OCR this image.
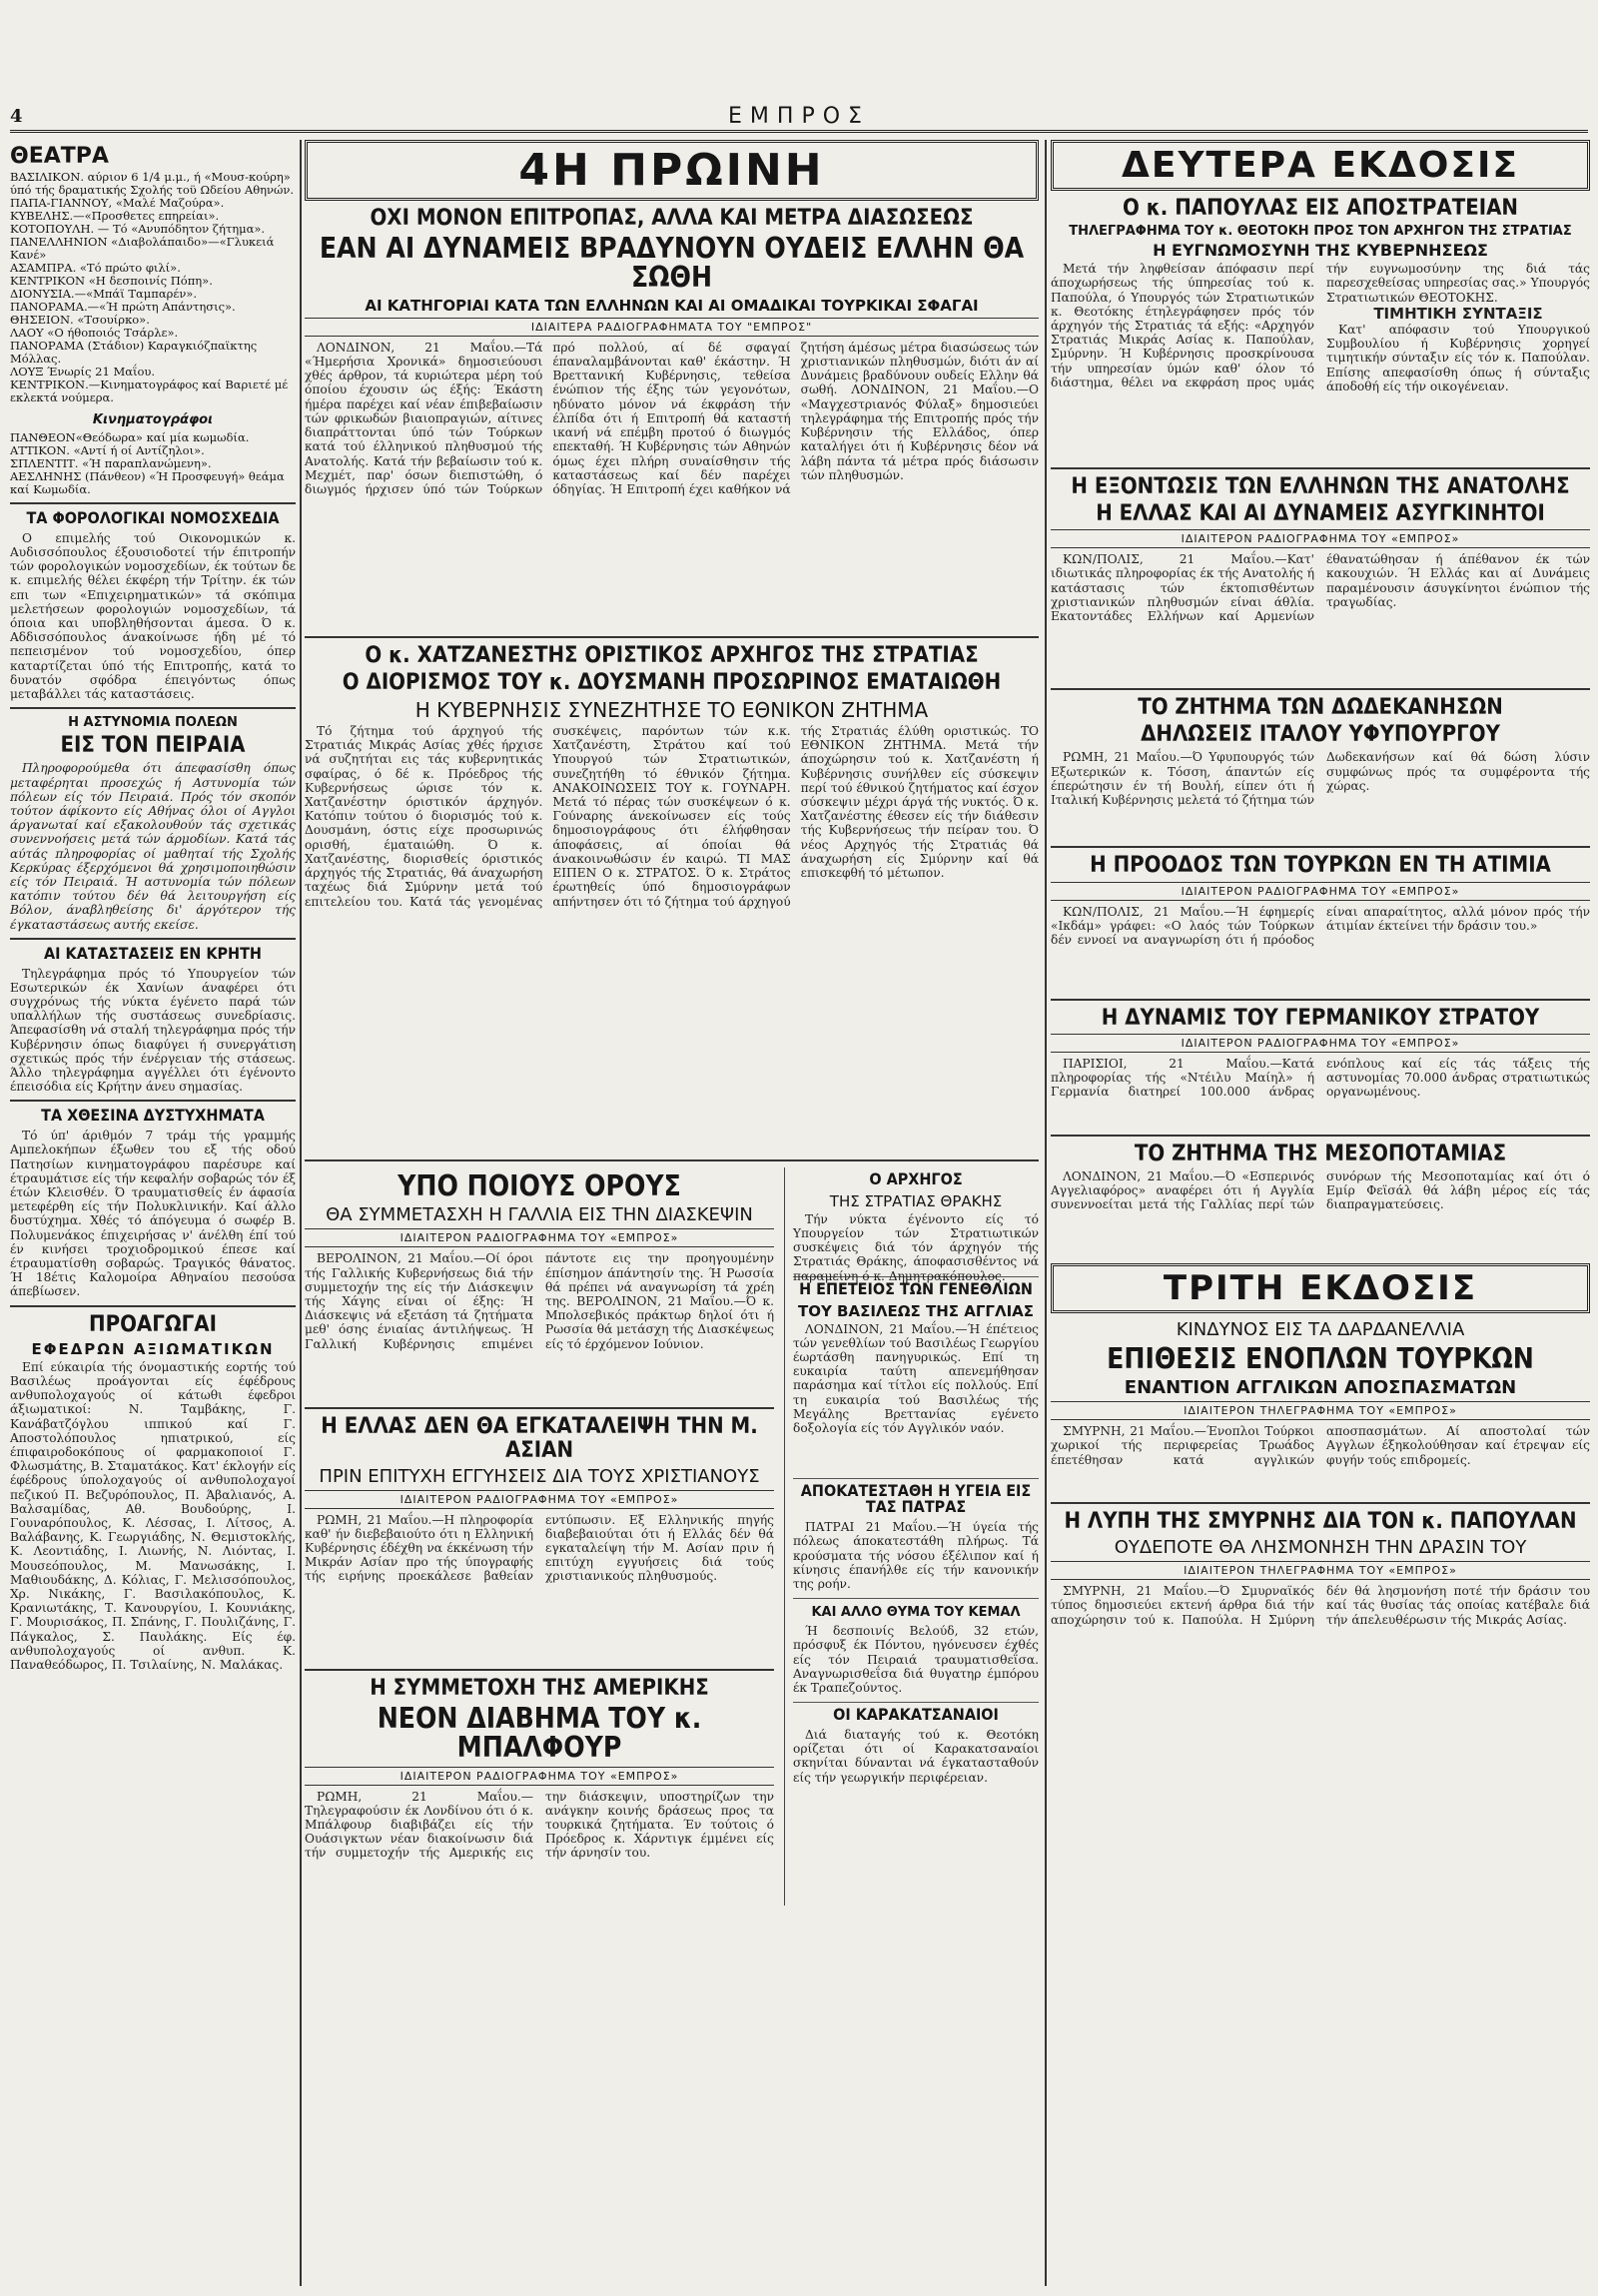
4	ΕΜΠΡΟΣ
ΘΕΑΤΡΑ
ΒΑΣΙΛΙΚΟΝ. αύριον 6 1/4 μ.μ., ή «Μουσ-κούρη» ύπό τής δραματικής Σχολής τοϋ Ωδείου Αθηνών.
ΠΑΠΑ-ΓΙΑΝΝΟΥ, «Μαλέ Μαζούρα».
ΚΥΒΕΛΗΣ.—«Προσθετες επηρείαι».
ΚΟΤΟΠΟΥΛΗ. — Τό «Ανυπόδητον ζήτημα».
ΠΑΝΕΛΛΗΝΙΟΝ «Διαβολάπαιδο»—«Γλυκειά Κανέ»
ΑΣΑΜΠΡΑ. «Τό πρώτο φιλί».
ΚΕΝΤΡΙΚΟΝ «Η δεσποινίς Πόπη».
ΔΙΟΝΥΣΙΑ.—«Μπάϊ Ταμπαρέν».
ΠΑΝΟΡΑΜΑ.—«Ή πρώτη Απάντησις».
ΘΗΣΕΙΟΝ. «Τσουίρκο».
ΛΑΟΥ «Ο ήθοποιός Τσάρλε».
ΠΑΝΟΡΑΜΑ (Στάδιον) Καραγκιόζπαϊκτης Μόλλας.
ΛΟΥΞ Ένωρίς 21 Μαΐου.
ΚΕΝΤΡΙΚΟΝ.—Κινηματογράφος καί Βαριετέ μέ εκλεκτά νούμερα.
Κινηματογράφοι
ΠΑΝΘΕΟΝ«Θεόδωρα» καί μία κωμωδία.
ΑΤΤΙΚΟΝ. «Αντί ή οί Αντίζηλοι».
ΣΠΛΕΝΤΙΤ. «Ή παραπλανώμενη».
ΑΕΣΛΗΝΗΣ (Πάνθεον) «Ή Προσφευγή» θεάμα καί Κωμωδία.
ΤΑ ΦΟΡΟΛΟΓΙΚΑΙ ΝΟΜΟΣΧΕΔΙΑ

Ο επιμελής τού Οικονομικών κ. Αυδισσόπουλος έξουσιοδοτεί τήν έπιτροπήν τών φορολογικών νομοσχεδίων, έκ τούτων δε κ. επιμελής θέλει έκφέρη τήν Τρίτην. έκ τών επι των «Επιχειρηματικών» τά σκόπιμα μελετήσεων φορολογιών νομοσχεδίων, τά όποια και υποβληθήσονται άμεσα. Ό κ. Αδδισσόπουλος άνακοίνωσε ήδη μέ τό πεπεισμένον τού νομοσχεδίου, όπερ καταρτίζεται ύπό τής Επιτροπής, κατά το δυνατόν σφόδρα έπειγόντως όπως μεταβάλλει τάς καταστάσεις.

Η ΑΣΤΥΝΟΜΙΑ ΠΟΛΕΩΝ
ΕΙΣ ΤΟΝ ΠΕΙΡΑΙΑ

Πληροφορούμεθα ότι άπεφασίσθη όπως μεταφέρηται προσεχώς ή Αστυνομία τών πόλεων είς τόν Πειραιά. Πρός τόν σκοπόν τούτον άφίκοντο είς Αθήνας όλοι οί Αγγλοι άργανωταί καί εξακολουθούν τάς σχετικάς συνεννοήσεις μετά τών άρμοδίων. Κατά τάς αύτάς πληροφορίας οί μαθηταί τής Σχολής Κερκύρας έξερχόμενοι θά χρησιμοποιηθώσιν είς τόν Πειραιά. Ή αστυνομία τών πόλεων κατόπιν τούτου δέν θά λειτουργήση είς Βόλον, άναβληθείσης δι' άργότερον τής έγκαταστάσεως αυτής εκείσε.

ΑΙ ΚΑΤΑΣΤΑΣΕΙΣ ΕΝ ΚΡΗΤΗ

Τηλεγράφημα πρός τό Υπουργείον τών Εσωτερικών έκ Χανίων άναφέρει ότι συγχρόνως τής νύκτα έγένετο παρά τών υπαλλήλων τής συστάσεως συνεδρίασις. Άπεφασίσθη νά σταλή τηλεγράφημα πρός τήν Κυβέρνησιν όπως διαφύγει ή συνεργάτιση σχετικώς πρός τήν ένέργειαν τής στάσεως. Άλλο τηλεγράφημα αγγέλλει ότι έγένοντο έπεισόδια είς Κρήτην άνευ σημασίας.

ΤΑ ΧΘΕΣΙΝΑ ΔΥΣΤΥΧΗΜΑΤΑ

Τό ύπ' άριθμόν 7 τράμ τής γραμμής Αμπελοκήπων έξωθεν του εξ τής οδού Πατησίων κινηματογράφου παρέσυρε καί έτραυμάτισε είς τήν κεφαλήν σοβαρώς τόν έξ έτών Κλεισθέν. Ό τραυματισθείς έν άφασία μετεφέρθη είς τήν Πολυκλινικήν. Καί άλλο δυστύχημα. Χθές τό άπόγευμα ό σωφέρ Β. Πολυμενάκος έπιχειρήσας ν' άνέλθη έπί τού έν κινήσει τροχιοδρομικού έπεσε καί έτραυματίσθη σοβαρώς. Τραγικός θάνατος. Ή 18έτις Καλομοίρα Αθηναίου πεσούσα άπεβίωσεν.

ΠΡΟΑΓΩΓΑΙ
ΕΦΕΔΡΩΝ ΑΞΙΩΜΑΤΙΚΩΝ

Επί εύκαιρία τής όνομαστικής εορτής τού Βασιλέως προάγονται είς έφέδρους ανθυπολοχαγούς οί κάτωθι έφεδροι άξιωματικοί: Ν. Ταμβάκης, Γ. Κανάβατζόγλου ιππικού καί Γ. Αποστολόπουλος ηπιατρικού, είς έπιφαιροδοκόπους οί φαρμακοποιοί Γ. Φλωσμάτης, Β. Σταματάκος. Κατ' έκλογήν είς έφέδρους ύπολοχαγούς οί ανθυπολοχαγοί πεζικού Π. Βεζυρόπουλος, Π. Άβαλιανός, Α. Βαλσαμίδας, Αθ. Βουδούρης, Ι. Γουναρόπουλος, Κ. Λέσσας, Ι. Λίτσος, Α. Βαλάβανης, Κ. Γεωργιάδης, Ν. Θεμιστοκλής, Κ. Λεοντιάδης, Ι. Λιωνής, Ν. Λιόντας, Ι. Μουσεόπουλος, Μ. Μανωσάκης, Ι. Μαθιουδάκης, Δ. Κόλιας, Γ. Μελισσόπουλος, Χρ. Νικάκης, Γ. Βασιλακόπουλος, Κ. Κρανιωτάκης, Τ. Κανουργίου, Ι. Κουνιάκης, Γ. Μουρισάκος, Π. Σπάνης, Γ. Πουλιζάνης, Γ. Πάγκαλος, Σ. Παυλάκης. Είς έφ. ανθυπολοχαγούς οί ανθυπ. Κ. Παναθεόδωρος, Π. Τσιλαίνης, Ν. Μαλάκας.

4Η ΠΡΩΙΝΗ
ΟΧΙ ΜΟΝΟΝ ΕΠΙΤΡΟΠΑΣ, ΑΛΛΑ ΚΑΙ ΜΕΤΡΑ ΔΙΑΣΩΣΕΩΣ
ΕΑΝ ΑΙ ΔΥΝΑΜΕΙΣ ΒΡΑΔΥΝΟΥΝ ΟΥΔΕΙΣ ΕΛΛΗΝ ΘΑ ΣΩΘΗ
ΑΙ ΚΑΤΗΓΟΡΙΑΙ ΚΑΤΑ ΤΩΝ ΕΛΛΗΝΩΝ ΚΑΙ ΑΙ ΟΜΑΔΙΚΑΙ ΤΟΥΡΚΙΚΑΙ ΣΦΑΓΑΙ
ΙΔΙΑΙΤΕΡΑ ΡΑΔΙΟΓΡΑΦΗΜΑΤΑ ΤΟΥ "ΕΜΠΡΟΣ"

ΛΟΝΔΙΝΟΝ, 21 Μαΐου.—Τά «Ήμερήσια Χρονικά» δημοσιεύουσι χθές άρθρον, τά κυριώτερα μέρη τού όποίου έχουσιν ώς έξής: Έκάστη ήμέρα παρέχει καί νέαν έπιβεβαίωσιν τών φρικωδών βιαιοπραγιών, αίτινες διαπράττονται ύπό τών Τούρκων κατά τού έλληνικού πληθυσμού τής Ανατολής. Κατά τήν βεβαίωσιν τού κ. Μεχμέτ, παρ' όσων διεπιστώθη, ό διωγμός ήρχισεν ύπό τών Τούρκων πρό πολλού, αί δέ σφαγαί έπαναλαμβάνονται καθ' έκάστην. Ή Βρεττανική Κυβέρνησις, τεθείσα ένώπιον τής έξης τών γεγονότων, ηδύνατο μόνον νά έκφράση τήν έλπίδα ότι ή Επιτροπή θά καταστή ικανή νά επέμβη προτού ό διωγμός επεκταθή. Ή Κυβέρνησις τών Αθηνών όμως έχει πλήρη συναίσθησιν τής καταστάσεως καί δέν παρέχει όδηγίας. Ή Επιτροπή έχει καθήκον νά ζητήση άμέσως μέτρα διασώσεως τών χριστιανικών πληθυσμών, διότι άν αί Δυνάμεις βραδύνουν ουδείς Ελλην θά σωθή. ΛΟΝΔΙΝΟΝ, 21 Μαΐου.—Ο «Μαγχεστριανός Φύλαξ» δημοσιεύει τηλεγράφημα τής Επιτροπής πρός τήν Κυβέρνησιν τής Ελλάδος, όπερ καταλήγει ότι ή Κυβέρνησις δέον νά λάβη πάντα τά μέτρα πρός διάσωσιν τών πληθυσμών.

Ο κ. ΧΑΤΖΑΝΕΣΤΗΣ ΟΡΙΣΤΙΚΟΣ ΑΡΧΗΓΟΣ ΤΗΣ ΣΤΡΑΤΙΑΣ
Ο ΔΙΟΡΙΣΜΟΣ ΤΟΥ κ. ΔΟΥΣΜΑΝΗ ΠΡΟΣΩΡΙΝΟΣ ΕΜΑΤΑΙΩΘΗ
Η ΚΥΒΕΡΝΗΣΙΣ ΣΥΝΕΖΗΤΗΣΕ ΤΟ ΕΘΝΙΚΟΝ ΖΗΤΗΜΑ

Τό ζήτημα τού άρχηγού τής Στρατιάς Μικράς Ασίας χθές ήρχισε νά συζητήται εις τάς κυβερνητικάς σφαίρας, ό δέ κ. Πρόεδρος τής Κυβερνήσεως ώρισε τόν κ. Χατζανέστην όριστικόν άρχηγόν. Κατόπιν τούτου ό διορισμός τού κ. Δουσμάνη, όστις είχε προσωρινώς ορισθή, έματαιώθη. Ό κ. Χατζανέστης, διορισθείς όριστικός άρχηγός τής Στρατιάς, θά άναχωρήση ταχέως διά Σμύρνην μετά τού επιτελείου του. Κατά τάς γενομένας συσκέψεις, παρόντων τών κ.κ. Χατζανέστη, Στράτου καί τού Υπουργού τών Στρατιωτικών, συνεζητήθη τό έθνικόν ζήτημα. ΑΝΑΚΟΙΝΩΣΕΙΣ ΤΟΥ κ. ΓΟΥΝΑΡΗ. Μετά τό πέρας τών συσκέψεων ό κ. Γούναρης άνεκοίνωσεν είς τούς δημοσιογράφους ότι έλήφθησαν άποφάσεις, αί όποίαι θά άνακοινωθώσιν έν καιρώ. ΤΙ ΜΑΣ ΕΙΠΕΝ Ο κ. ΣΤΡΑΤΟΣ. Ό κ. Στράτος έρωτηθείς ύπό δημοσιογράφων απήντησεν ότι τό ζήτημα τού άρχηγού τής Στρατιάς έλύθη οριστικώς. ΤΟ ΕΘΝΙΚΟΝ ΖΗΤΗΜΑ. Μετά τήν άποχώρησιν τού κ. Χατζανέστη ή Κυβέρνησις συνήλθεν είς σύσκεψιν περί τού έθνικού ζητήματος καί έσχον σύσκεψιν μέχρι άργά τής νυκτός. Ό κ. Χατζανέστης έθεσεν είς τήν διάθεσιν τής Κυβερνήσεως τήν πείραν του. Ό νέος Αρχηγός τής Στρατιάς θά άναχωρήση είς Σμύρνην καί θά επισκεφθή τό μέτωπον.

ΥΠΟ ΠΟΙΟΥΣ ΟΡΟΥΣ
ΘΑ ΣΥΜΜΕΤΑΣΧΗ Η ΓΑΛΛΙΑ ΕΙΣ ΤΗΝ ΔΙΑΣΚΕΨΙΝ
ΙΔΙΑΙΤΕΡΟΝ ΡΑΔΙΟΓΡΑΦΗΜΑ ΤΟΥ «ΕΜΠΡΟΣ»

ΒΕΡΟΛΙΝΟΝ, 21 Μαΐου.—Οί όροι τής Γαλλικής Κυβερνήσεως διά τήν συμμετοχήν της είς τήν Διάσκεψιν τής Χάγης είναι οί έξης: Ή Διάσκεψις νά εξετάση τά ζητήματα μεθ' όσης ένιαίας άντιλήψεως. Ή Γαλλική Κυβέρνησις επιμένει πάντοτε εις την προηγουμένην έπίσημον άπάντησίν της. Ή Ρωσσία θά πρέπει νά αναγνωρίση τά χρέη της. ΒΕΡΟΛΙΝΟΝ, 21 Μαΐου.—Ό κ. Μπολσεβικός πράκτωρ δηλοί ότι ή Ρωσσία θά μετάσχη τής Διασκέψεως είς τό έρχόμενον Ιούνιον.

Η ΕΛΛΑΣ ΔΕΝ ΘΑ ΕΓΚΑΤΑΛΕΙΨΗ ΤΗΝ Μ. ΑΣΙΑΝ
ΠΡΙΝ ΕΠΙΤΥΧΗ ΕΓΓΥΗΣΕΙΣ ΔΙΑ ΤΟΥΣ ΧΡΙΣΤΙΑΝΟΥΣ
ΙΔΙΑΙΤΕΡΟΝ ΡΑΔΙΟΓΡΑΦΗΜΑ ΤΟΥ «ΕΜΠΡΟΣ»

ΡΩΜΗ, 21 Μαΐου.—Η πληροφορία καθ' ήν διεβεβαιούτο ότι η Ελληνική Κυβέρνησις έδέχθη να έκκένωση τήν Μικράν Ασίαν προ τής ύπογραφής τής ειρήνης προεκάλεσε βαθείαν εντύπωσιν. Εξ Ελληνικής πηγής διαβεβαιούται ότι ή Ελλάς δέν θά εγκαταλείψη τήν Μ. Ασίαν πριν ή επιτύχη εγγυήσεις διά τούς χριστιανικούς πληθυσμούς.

Η ΣΥΜΜΕΤΟΧΗ ΤΗΣ ΑΜΕΡΙΚΗΣ
ΝΕΟΝ ΔΙΑΒΗΜΑ ΤΟΥ κ. ΜΠΑΛΦΟΥΡ
ΙΔΙΑΙΤΕΡΟΝ ΡΑΔΙΟΓΡΑΦΗΜΑ ΤΟΥ «ΕΜΠΡΟΣ»

ΡΩΜΗ, 21 Μαΐου.—Τηλεγραφούσιν έκ Λονδίνου ότι ό κ. Μπάλφουρ διαβιβάζει είς τήν Ουάσιγκτων νέαν διακοίνωσιν διά τήν συμμετοχήν τής Αμερικής εις την διάσκεψιν, υποστηρίζων την ανάγκην κοινής δράσεως προς τα τουρκικά ζητήματα. Έν τούτοις ό Πρόεδρος κ. Χάρντιγκ έμμένει είς τήν άρνησίν του.

Ο ΑΡΧΗΓΟΣ
ΤΗΣ ΣΤΡΑΤΙΑΣ ΘΡΑΚΗΣ

Τήν νύκτα έγένοντο είς τό Υπουργείον τών Στρατιωτικών συσκέψεις διά τόν άρχηγόν τής Στρατιάς Θράκης, άποφασισθέντος νά παραμείνη ό κ. Δημητρακόπουλος.

Η ΕΠΕΤΕΙΟΣ ΤΩΝ ΓΕΝΕΘΛΙΩΝ
ΤΟΥ ΒΑΣΙΛΕΩΣ ΤΗΣ ΑΓΓΛΙΑΣ

ΛΟΝΔΙΝΟΝ, 21 Μαΐου.—Ή έπέτειος τών γενεθλίων τού Βασιλέως Γεωργίου έωρτάσθη πανηγυρικώς. Επί τη ευκαιρία ταύτη απενεμήθησαν παράσημα καί τίτλοι είς πολλούς. Επί τη ευκαιρία τού Βασιλέως τής Μεγάλης Βρεττανίας εγένετο δοξολογία είς τόν Αγγλικόν ναόν.

ΑΠΟΚΑΤΕΣΤΑΘΗ Η ΥΓΕΙΑ ΕΙΣ ΤΑΣ ΠΑΤΡΑΣ

ΠΑΤΡΑΙ 21 Μαΐου.—Ή ύγεία τής πόλεως άποκατεστάθη πλήρως. Τά κρούσματα τής νόσου έξέλιπον καί ή κίνησις έπανήλθε είς τήν κανονικήν της ροήν.

ΚΑΙ ΑΛΛΟ ΘΥΜΑ ΤΟΥ ΚΕΜΑΛ

Ή δεσποινίς Βελούδ, 32 ετών, πρόσφυξ έκ Πόντου, ηγόνευσεν έχθές είς τόν Πειραιά τραυματισθεΐσα. Αναγνωρισθεΐσα διά θυγατηρ έμπόρου έκ Τραπεζούντος.

ΟΙ ΚΑΡΑΚΑΤΣΑΝΑΙΟΙ

Διά διαταγής τού κ. Θεοτόκη ορίζεται ότι οί Καρακατσαναίοι σκηνίται δύνανται νά έγκατασταθούν είς τήν γεωργικήν περιφέρειαν.

ΔΕΥΤΕΡΑ ΕΚΔΟΣΙΣ
Ο κ. ΠΑΠΟΥΛΑΣ ΕΙΣ ΑΠΟΣΤΡΑΤΕΙΑΝ
ΤΗΛΕΓΡΑΦΗΜΑ ΤΟΥ κ. ΘΕΟΤΟΚΗ ΠΡΟΣ ΤΟΝ ΑΡΧΗΓΟΝ ΤΗΣ ΣΤΡΑΤΙΑΣ
Η ΕΥΓΝΩΜΟΣΥΝΗ ΤΗΣ ΚΥΒΕΡΝΗΣΕΩΣ

Μετά τήν ληφθείσαν άπόφασιν περί άποχωρήσεως τής ύπηρεσίας τού κ. Παπούλα, ό Υπουργός τών Στρατιωτικών κ. Θεοτόκης έτηλεγράφησεν πρός τόν άρχηγόν τής Στρατιάς τά εξής: «Αρχηγόν Στρατιάς Μικράς Ασίας κ. Παπούλαν, Σμύρνην. Ή Κυβέρνησις προσκρίνουσα τήν υπηρεσίαν ύμών καθ' όλον τό διάστημα, θέλει να εκφράση προς υμάς τήν ευγνωμοσύνην της διά τάς παρεσχεθείσας υπηρεσίας σας.» Υπουργός Στρατιωτικών ΘΕΟΤΟΚΗΣ.

ΤΙΜΗΤΙΚΗ ΣΥΝΤΑΞΙΣ

Κατ' απόφασιν τού Υπουργικού Συμβουλίου ή Κυβέρνησις χορηγεί τιμητικήν σύνταξιν είς τόν κ. Παπούλαν. Επίσης απεφασίσθη όπως ή σύνταξις άποδοθή είς τήν οικογένειαν.

Η ΕΞΟΝΤΩΣΙΣ ΤΩΝ ΕΛΛΗΝΩΝ ΤΗΣ ΑΝΑΤΟΛΗΣ
Η ΕΛΛΑΣ ΚΑΙ ΑΙ ΔΥΝΑΜΕΙΣ ΑΣΥΓΚΙΝΗΤΟΙ
ΙΔΙΑΙΤΕΡΟΝ ΡΑΔΙΟΓΡΑΦΗΜΑ ΤΟΥ «ΕΜΠΡΟΣ»

ΚΩΝ/ΠΟΛΙΣ, 21 Μαΐου.—Κατ' ιδιωτικάς πληροφορίας έκ τής Ανατολής ή κατάστασις τών έκτοπισθέντων χριστιανικών πληθυσμών είναι άθλία. Εκατοντάδες Ελλήνων καί Αρμενίων έθανατώθησαν ή άπέθανον έκ τών κακουχιών. Ή Ελλάς και αί Δυνάμεις παραμένουσιν άσυγκίνητοι ένώπιον τής τραγωδίας.

ΤΟ ΖΗΤΗΜΑ ΤΩΝ ΔΩΔΕΚΑΝΗΣΩΝ
ΔΗΛΩΣΕΙΣ ΙΤΑΛΟΥ ΥΦΥΠΟΥΡΓΟΥ

ΡΩΜΗ, 21 Μαΐου.—Ό Υφυπουργός τών Εξωτερικών κ. Τόσση, άπαντών είς έπερώτησιν έν τή Βουλή, είπεν ότι ή Ιταλική Κυβέρνησις μελετά τό ζήτημα τών Δωδεκανήσων καί θά δώση λύσιν συμφώνως πρός τα συμφέροντα τής χώρας.

Η ΠΡΟΟΔΟΣ ΤΩΝ ΤΟΥΡΚΩΝ ΕΝ ΤΗ ΑΤΙΜΙΑ
ΙΔΙΑΙΤΕΡΟΝ ΡΑΔΙΟΓΡΑΦΗΜΑ ΤΟΥ «ΕΜΠΡΟΣ»

ΚΩΝ/ΠΟΛΙΣ, 21 Μαΐου.—Ή έφημερίς «Ικδάμ» γράφει: «Ο λαός τών Τούρκων δέν εννοεί να αναγνωρίση ότι ή πρόοδος είναι απαραίτητος, αλλά μόνον πρός τήν άτιμίαν έκτείνει τήν δράσιν του.»

Η ΔΥΝΑΜΙΣ ΤΟΥ ΓΕΡΜΑΝΙΚΟΥ ΣΤΡΑΤΟΥ
ΙΔΙΑΙΤΕΡΟΝ ΡΑΔΙΟΓΡΑΦΗΜΑ ΤΟΥ «ΕΜΠΡΟΣ»

ΠΑΡΙΣΙΟΙ, 21 Μαΐου.—Κατά πληροφορίας τής «Ντέιλυ Μαίηλ» ή Γερμανία διατηρεί 100.000 άνδρας ενόπλους καί είς τάς τάξεις τής αστυνομίας 70.000 άνδρας στρατιωτικώς οργανωμένους.

ΤΟ ΖΗΤΗΜΑ ΤΗΣ ΜΕΣΟΠΟΤΑΜΙΑΣ

ΛΟΝΔΙΝΟΝ, 21 Μαΐου.—Ό «Εσπερινός Αγγελιαφόρος» αναφέρει ότι ή Αγγλία συνεννοείται μετά τής Γαλλίας περί τών συνόρων τής Μεσοποταμίας καί ότι ό Εμίρ Φεϊσάλ θά λάβη μέρος είς τάς διαπραγματεύσεις.

ΤΡΙΤΗ ΕΚΔΟΣΙΣ
ΚΙΝΔΥΝΟΣ ΕΙΣ ΤΑ ΔΑΡΔΑΝΕΛΛΙΑ
ΕΠΙΘΕΣΙΣ ΕΝΟΠΛΩΝ ΤΟΥΡΚΩΝ
ΕΝΑΝΤΙΟΝ ΑΓΓΛΙΚΩΝ ΑΠΟΣΠΑΣΜΑΤΩΝ
ΙΔΙΑΙΤΕΡΟΝ ΤΗΛΕΓΡΑΦΗΜΑ ΤΟΥ «ΕΜΠΡΟΣ»

ΣΜΥΡΝΗ, 21 Μαΐου.—Ένοπλοι Τούρκοι χωρικοί τής περιφερείας Τρωάδος έπετέθησαν κατά αγγλικών αποσπασμάτων. Αί αποστολαί τών Αγγλων έξηκολούθησαν καί έτρεψαν είς φυγήν τούς επιδρομείς.

Η ΛΥΠΗ ΤΗΣ ΣΜΥΡΝΗΣ ΔΙΑ ΤΟΝ κ. ΠΑΠΟΥΛΑΝ
ΟΥΔΕΠΟΤΕ ΘΑ ΛΗΣΜΟΝΗΣΗ ΤΗΝ ΔΡΑΣΙΝ ΤΟΥ
ΙΔΙΑΙΤΕΡΟΝ ΤΗΛΕΓΡΑΦΗΜΑ ΤΟΥ «ΕΜΠΡΟΣ»

ΣΜΥΡΝΗ, 21 Μαΐου.—Ό Σμυρναϊκός τύπος δημοσιεύει εκτενή άρθρα διά τήν αποχώρησιν τού κ. Παπούλα. Η Σμύρνη δέν θά λησμονήση ποτέ τήν δράσιν του καί τάς θυσίας τάς οποίας κατέβαλε διά τήν άπελευθέρωσιν τής Μικράς Ασίας.
